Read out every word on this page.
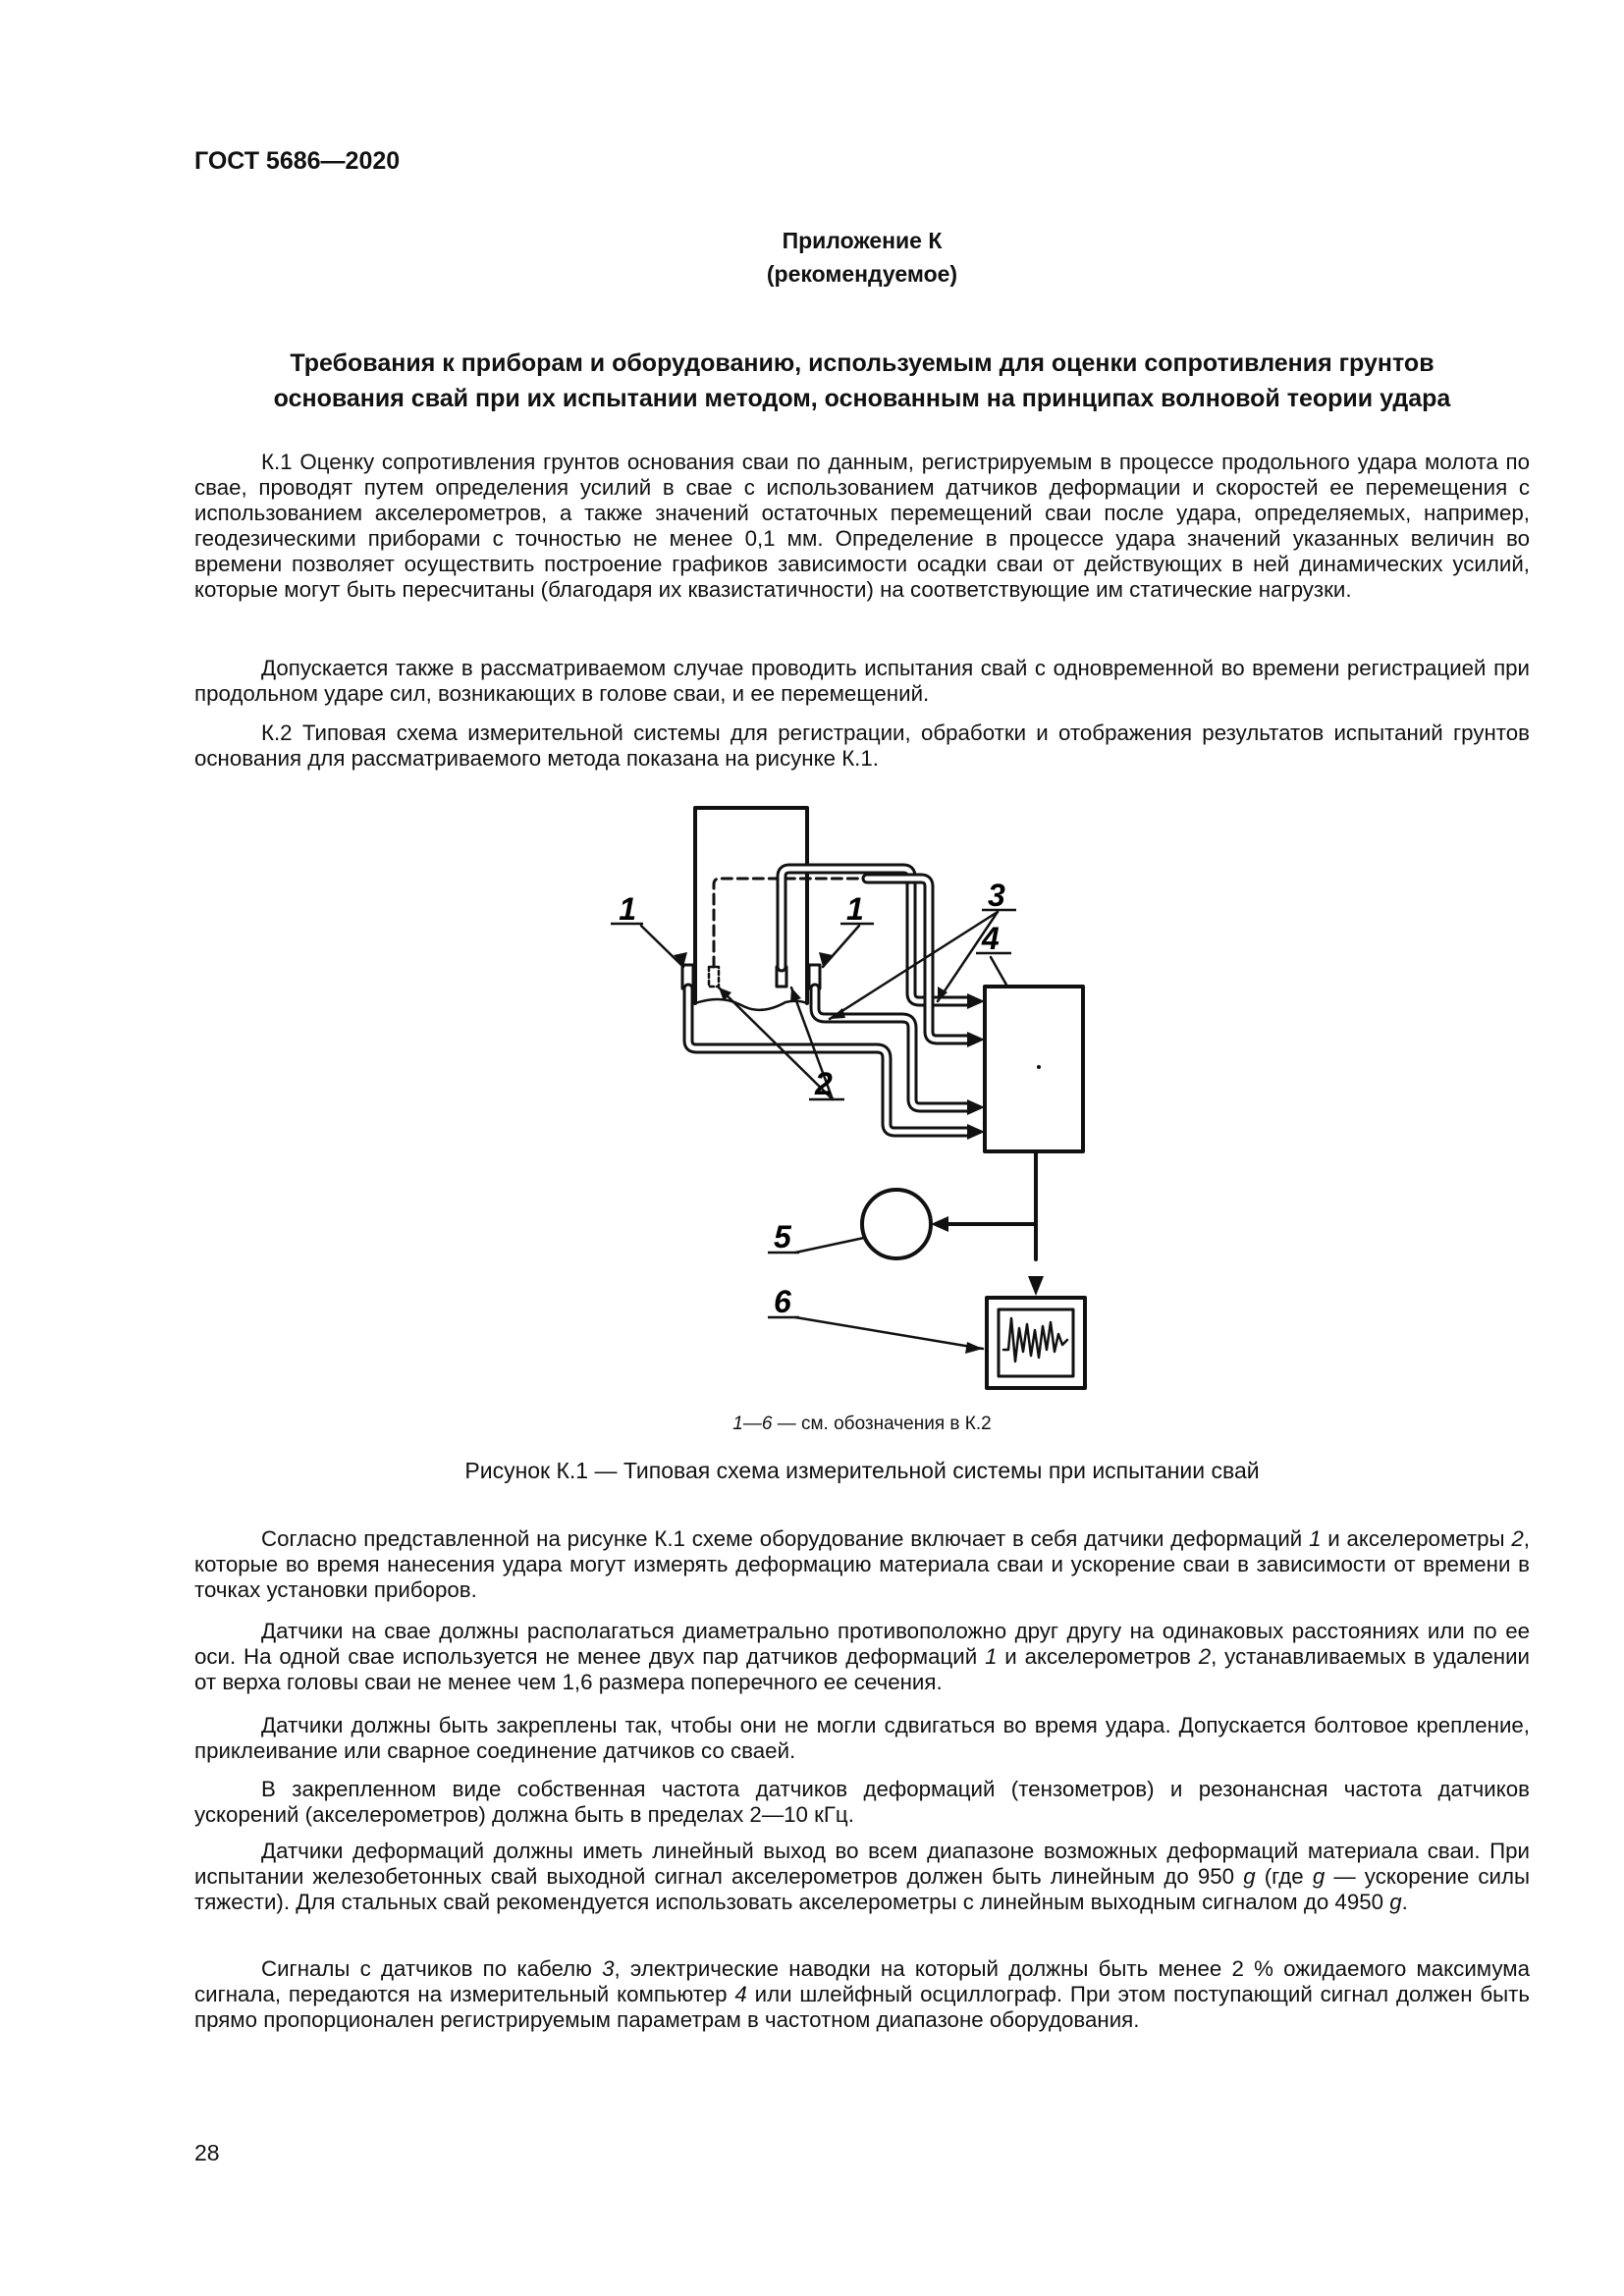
ГОСТ 5686—2020
Приложение К
(рекомендуемое)
Требования к приборам и оборудованию, используемым для оценки сопротивления грунтов
основания свай при их испытании методом, основанным на принципах волновой теории удара

К.1 Оценку сопротивления грунтов основания сваи по данным, регистрируемым в процессе продольного удара молота по свае, проводят путем определения усилий в свае с использованием датчиков деформации и скоростей ее перемещения с использованием акселерометров, а также значений остаточных перемещений сваи после удара, определяемых, например, геодезическими приборами с точностью не менее 0,1 мм. Определение в процессе удара значений указанных величин во времени позволяет осуществить построение графиков зависимости осадки сваи от действующих в ней динамических усилий, которые могут быть пересчитаны (благодаря их квазистатичности) на соответствующие им статические нагрузки.

Допускается также в рассматриваемом случае проводить испытания свай с одновременной во времени регистрацией при продольном ударе сил, возникающих в голове сваи, и ее перемещений.

К.2 Типовая схема измерительной системы для регистрации, обработки и отображения результатов испытаний грунтов основания для рассматриваемого метода показана на рисунке К.1.

1	1	3
4
2
5
6
1—6 — см. обозначения в К.2
Рисунок К.1 — Типовая схема измерительной системы при испытании свай

Согласно представленной на рисунке К.1 схеме оборудование включает в себя датчики деформаций 1 и акселерометры 2, которые во время нанесения удара могут измерять деформацию материала сваи и ускорение сваи в зависимости от времени в точках установки приборов.

Датчики на свае должны располагаться диаметрально противоположно друг другу на одинаковых расстояниях или по ее оси. На одной свае используется не менее двух пар датчиков деформаций 1 и акселерометров 2, устанавливаемых в удалении от верха головы сваи не менее чем 1,6 размера поперечного ее сечения.

Датчики должны быть закреплены так, чтобы они не могли сдвигаться во время удара. Допускается болтовое крепление, приклеивание или сварное соединение датчиков со сваей.

В закрепленном виде собственная частота датчиков деформаций (тензометров) и резонансная частота датчиков ускорений (акселерометров) должна быть в пределах 2—10 кГц.

Датчики деформаций должны иметь линейный выход во всем диапазоне возможных деформаций материала сваи. При испытании железобетонных свай выходной сигнал акселерометров должен быть линейным до 950 g (где g — ускорение силы тяжести). Для стальных свай рекомендуется использовать акселерометры с линейным выходным сигналом до 4950 g.

Сигналы с датчиков по кабелю 3, электрические наводки на который должны быть менее 2 % ожидаемого максимума сигнала, передаются на измерительный компьютер 4 или шлейфный осциллограф. При этом поступающий сигнал должен быть прямо пропорционален регистрируемым параметрам в частотном диапазоне оборудования.

28
